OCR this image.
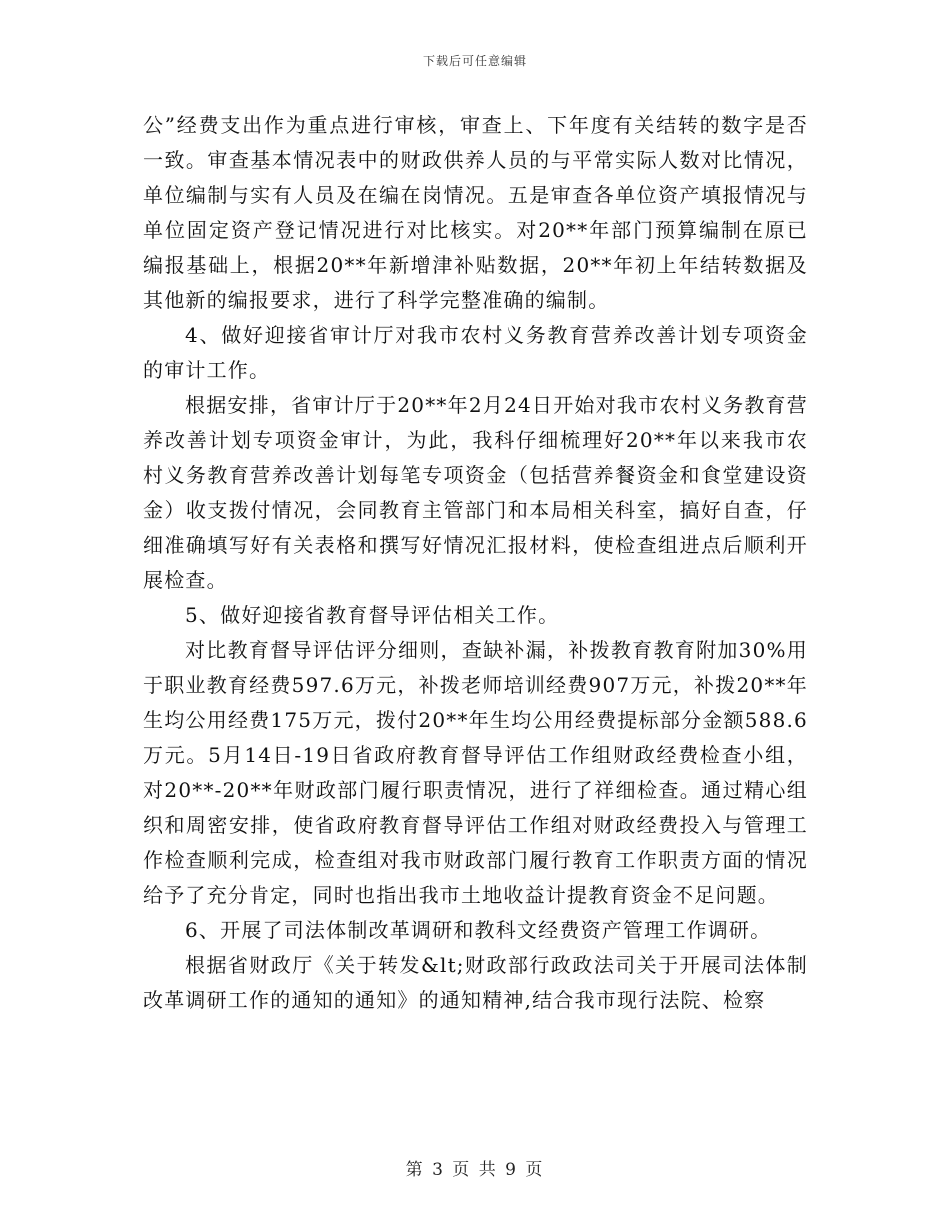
下载后可任意编辑

公”经费支出作为重点进行审核，审查上、下年度有关结转的数字是否一致。审查基本情况表中的财政供养人员的与平常实际人数对比情况，单位编制与实有人员及在编在岗情况。五是审查各单位资产填报情况与单位固定资产登记情况进行对比核实。对20**年部门预算编制在原已编报基础上，根据20**年新增津补贴数据，20**年初上年结转数据及其他新的编报要求，进行了科学完整准确的编制。

4、做好迎接省审计厅对我市农村义务教育营养改善计划专项资金的审计工作。

根据安排，省审计厅于20**年2月24日开始对我市农村义务教育营养改善计划专项资金审计，为此，我科仔细梳理好20**年以来我市农村义务教育营养改善计划每笔专项资金（包括营养餐资金和食堂建设资金）收支拨付情况，会同教育主管部门和本局相关科室，搞好自查，仔细准确填写好有关表格和撰写好情况汇报材料，使检查组进点后顺利开展检查。

5、做好迎接省教育督导评估相关工作。

对比教育督导评估评分细则，查缺补漏，补拨教育教育附加30%用于职业教育经费597.6万元，补拨老师培训经费907万元，补拨20**年生均公用经费175万元，拨付20**年生均公用经费提标部分金额588.6万元。5月14日-19日省政府教育督导评估工作组财政经费检查小组，对20**-20**年财政部门履行职责情况，进行了祥细检查。通过精心组织和周密安排，使省政府教育督导评估工作组对财政经费投入与管理工作检查顺利完成，检查组对我市财政部门履行教育工作职责方面的情况给予了充分肯定，同时也指出我市土地收益计提教育资金不足问题。

6、开展了司法体制改革调研和教科文经费资产管理工作调研。

根据省财政厅《关于转发&lt;财政部行政政法司关于开展司法体制改革调研工作的通知的通知》的通知精神,结合我市现行法院、检察

第 3 页 共 9 页
